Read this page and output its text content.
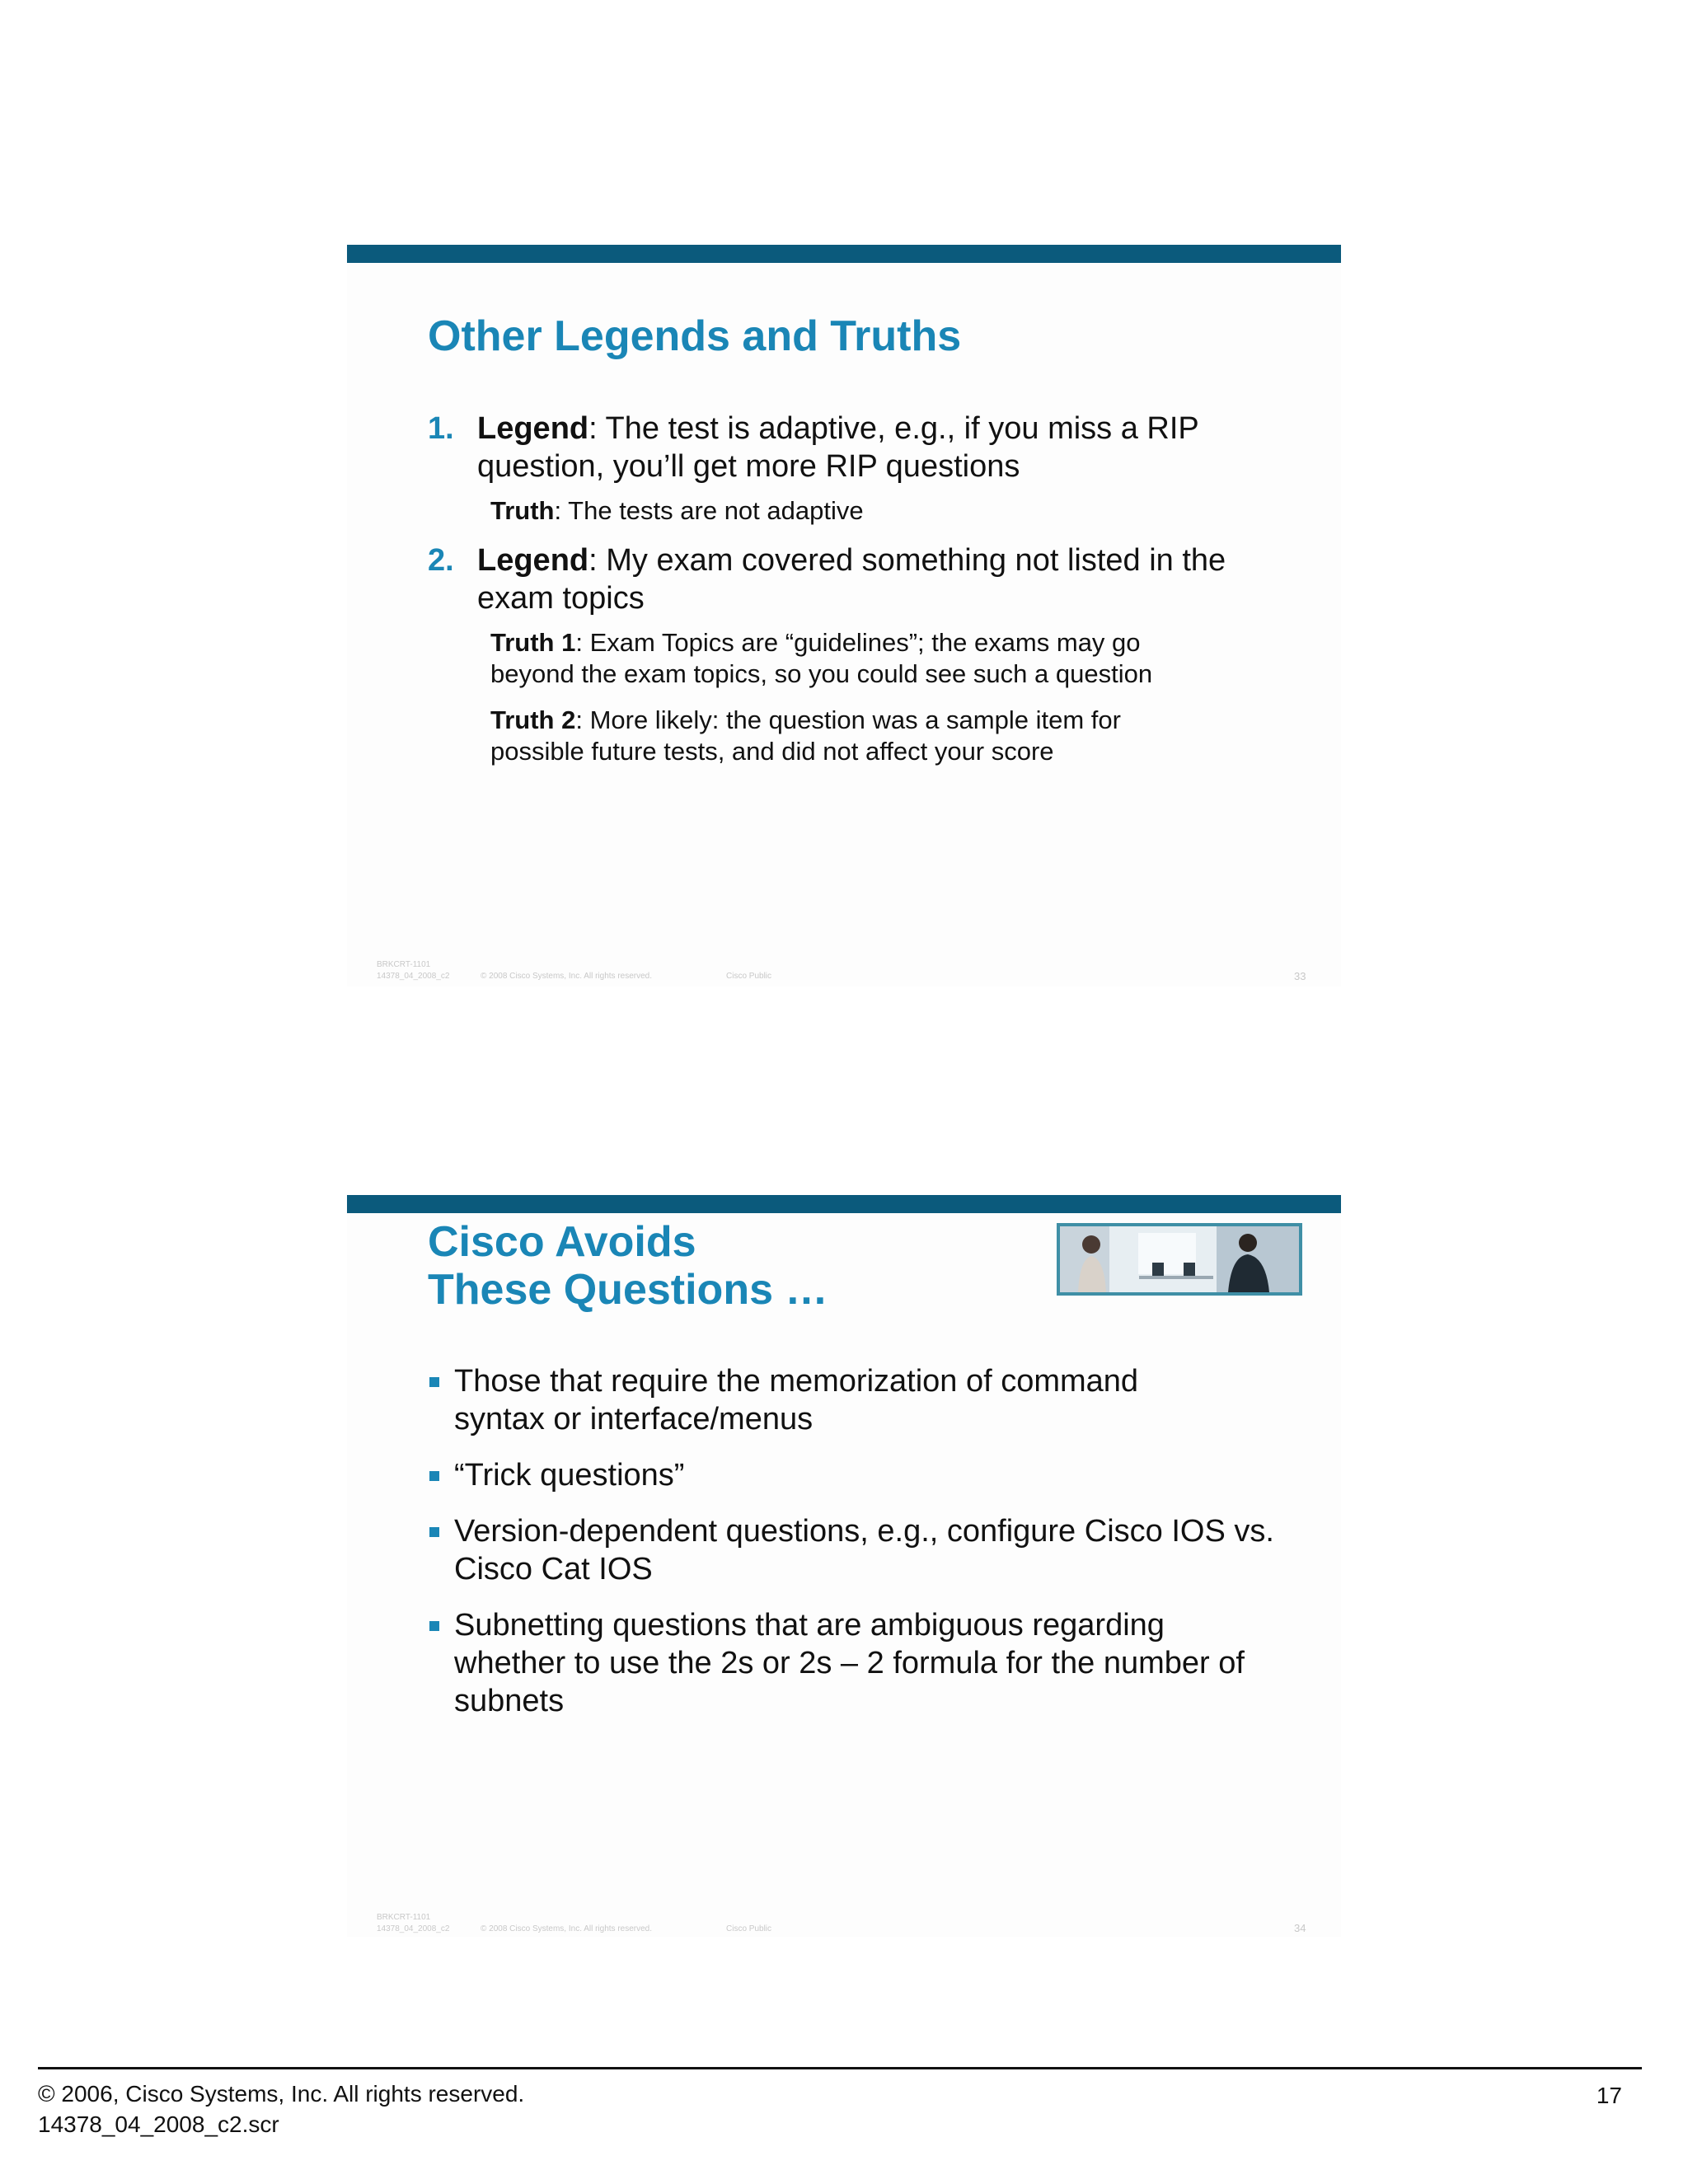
Other Legends and Truths
1. Legend: The test is adaptive, e.g., if you miss a RIP question, you’ll get more RIP questions
Truth: The tests are not adaptive
2. Legend: My exam covered something not listed in the exam topics
Truth 1: Exam Topics are “guidelines”; the exams may go beyond the exam topics, so you could see such a question
Truth 2: More likely: the question was a sample item for possible future tests, and did not affect your score
BRKCRT-1101
14378_04_2008_c2	© 2008 Cisco Systems, Inc. All rights reserved.	Cisco Public	33
Cisco Avoids
These Questions …
Those that require the memorization of command syntax or interface/menus
“Trick questions”
Version-dependent questions, e.g., configure Cisco IOS vs. Cisco Cat IOS
Subnetting questions that are ambiguous regarding whether to use the 2s or 2s – 2 formula for the number of subnets
BRKCRT-1101
14378_04_2008_c2	© 2008 Cisco Systems, Inc. All rights reserved.	Cisco Public	34
© 2006, Cisco Systems, Inc. All rights reserved.
14378_04_2008_c2.scr
17
